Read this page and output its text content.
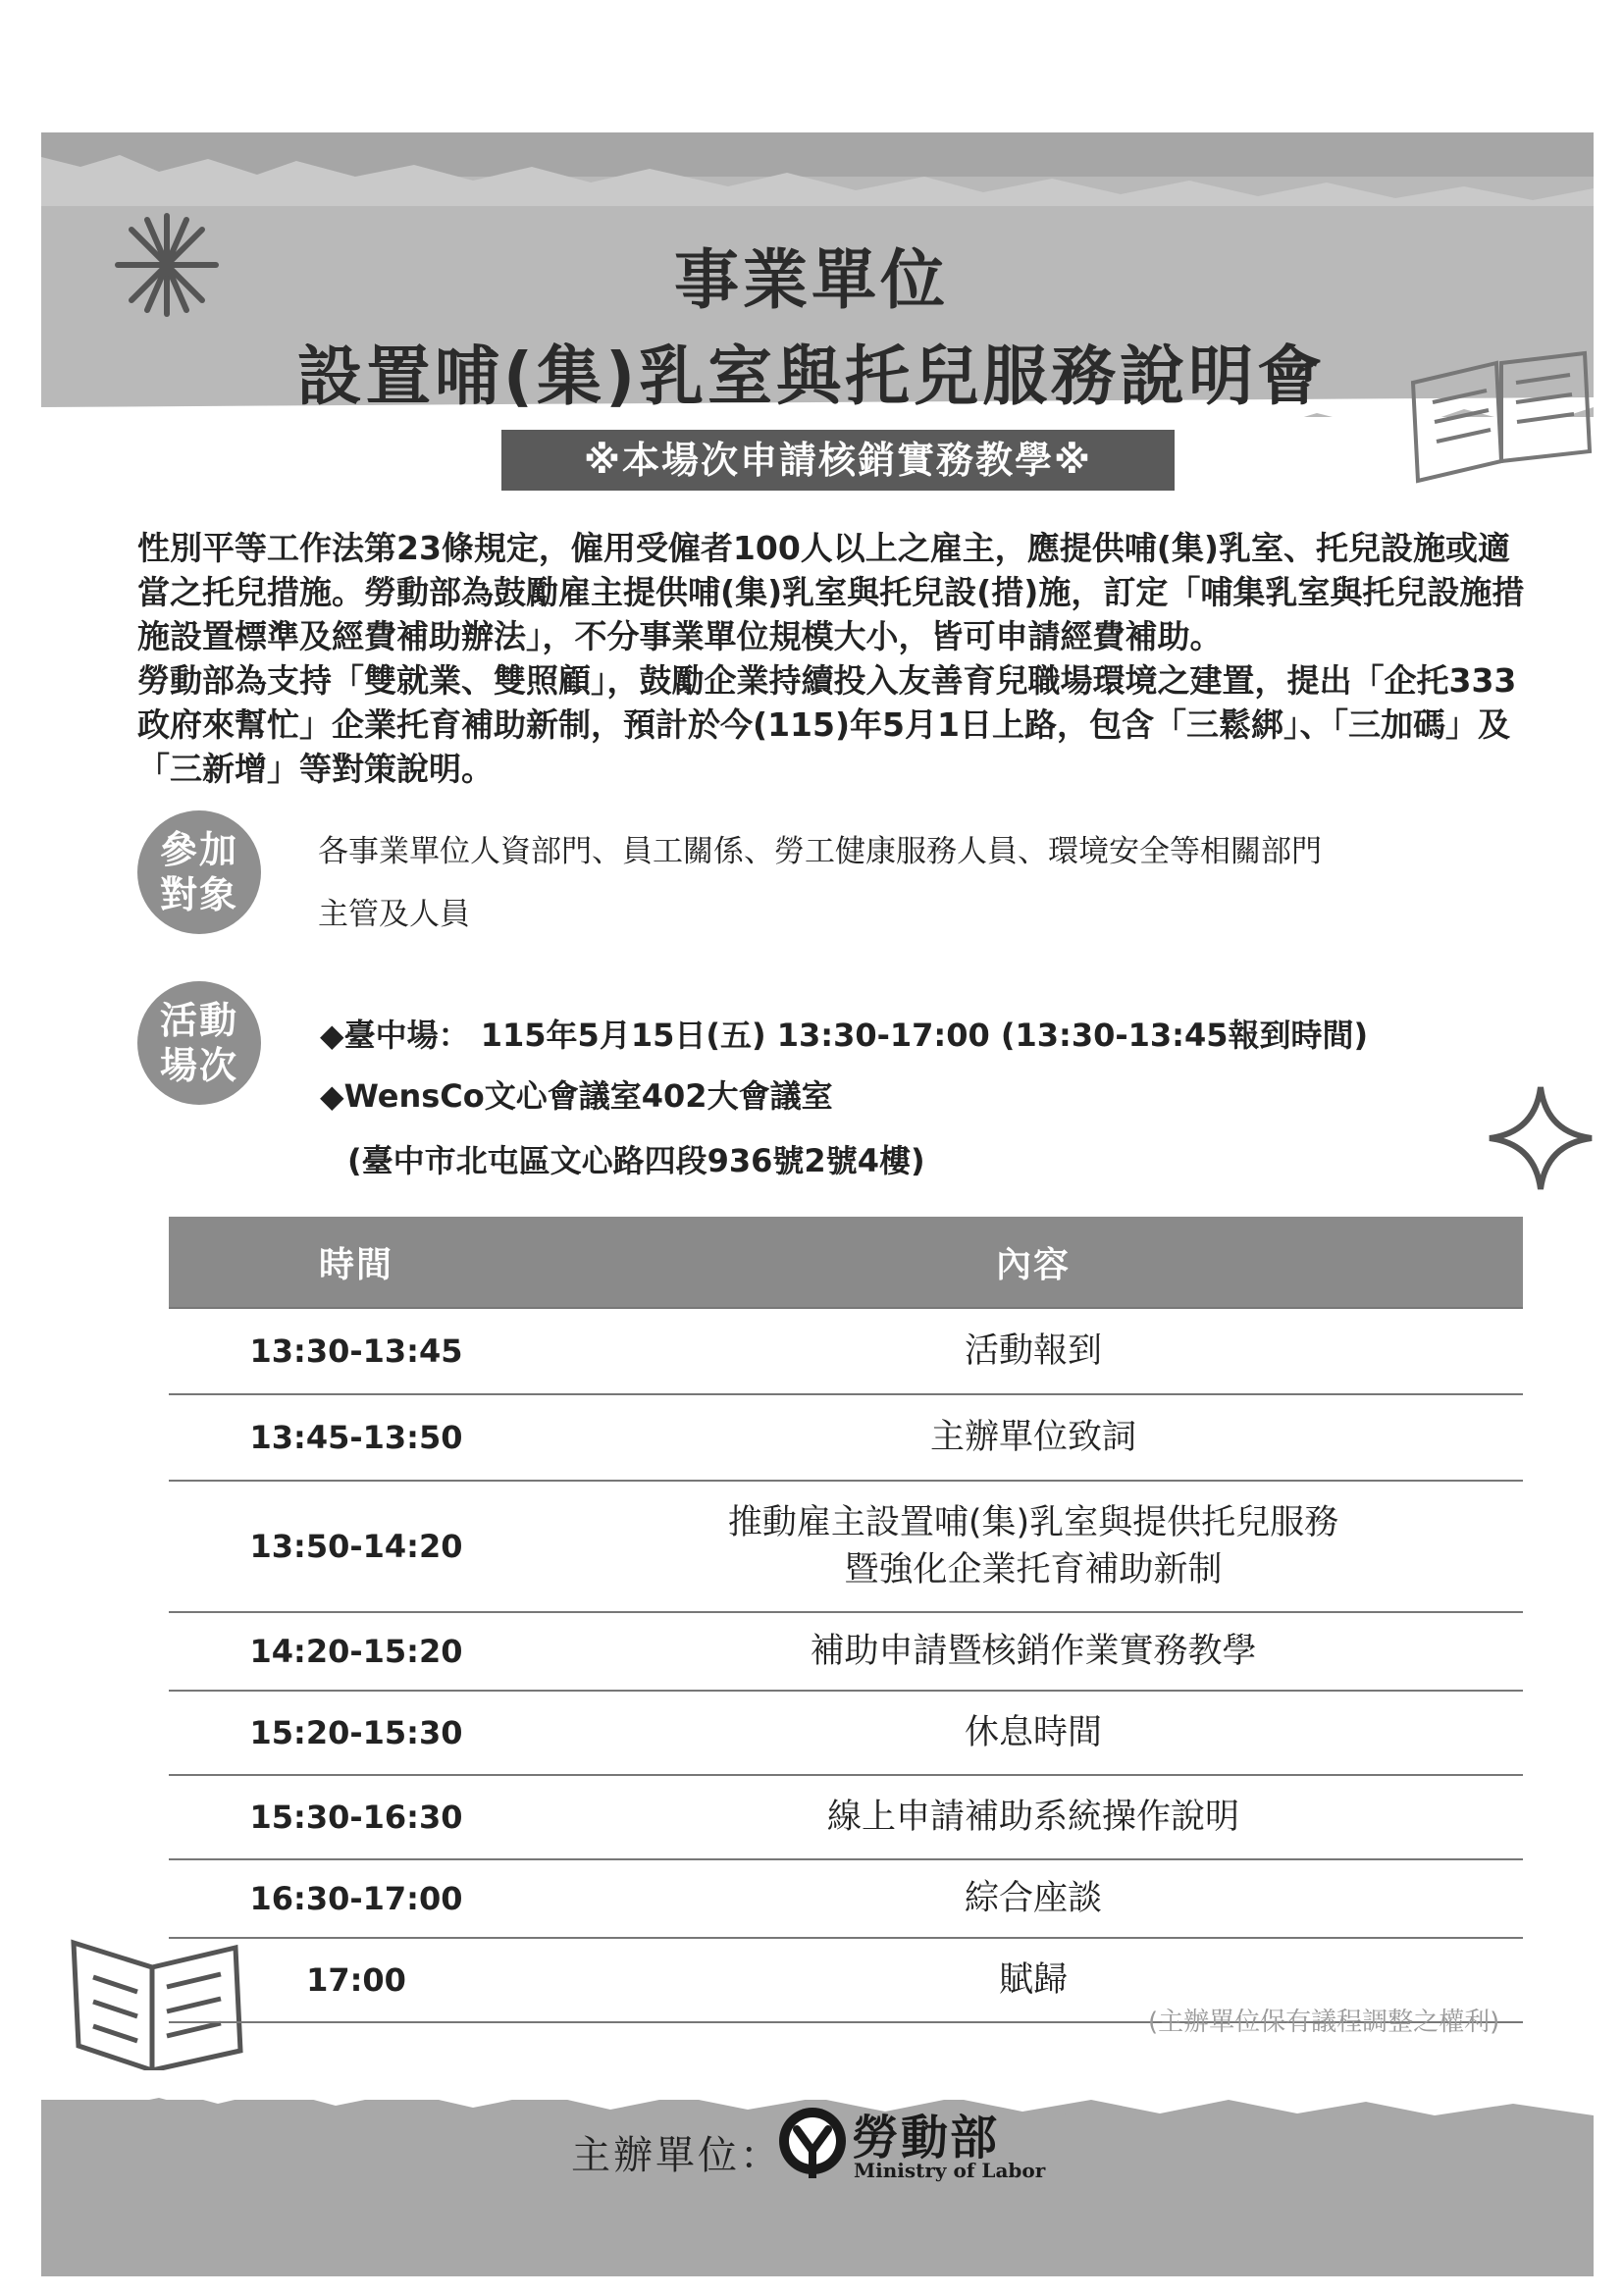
事業單位
設置哺(集)乳室與托兒服務說明會
※本場次申請核銷實務教學※

性別平等工作法第23條規定，僱用受僱者100人以上之雇主，應提供哺(集)乳室、托兒設施或適當之托兒措施。勞動部為鼓勵雇主提供哺(集)乳室與托兒設(措)施，訂定「哺集乳室與托兒設施措施設置標準及經費補助辦法」，不分事業單位規模大小，皆可申請經費補助。

勞動部為支持「雙就業、雙照顧」，鼓勵企業持續投入友善育兒職場環境之建置，提出「企托333政府來幫忙」企業托育補助新制，預計於今(115)年5月1日上路，包含「三鬆綁」、「三加碼」及「三新增」等對策說明。

參加
對象

各事業單位人資部門、員工關係、勞工健康服務人員、環境安全等相關部門

主管及人員

活動
場次
◆臺中場： 115年5月15日(五) 13:30-17:00 (13:30-13:45報到時間)
◆WensCo文心會議室402大會議室
(臺中市北屯區文心路四段936號2號4樓)
時間	內容
13:30-13:45	活動報到
13:45-13:50	主辦單位致詞
13:50-14:20	推動雇主設置哺(集)乳室與提供托兒服務
暨強化企業托育補助新制

14:20-15:20	補助申請暨核銷作業實務教學
15:20-15:30	休息時間
15:30-16:30	線上申請補助系統操作說明
16:30-17:00	綜合座談
17:00	賦歸
(主辦單位保有議程調整之權利)
主辦單位： 勞動部
Ministry of Labor
